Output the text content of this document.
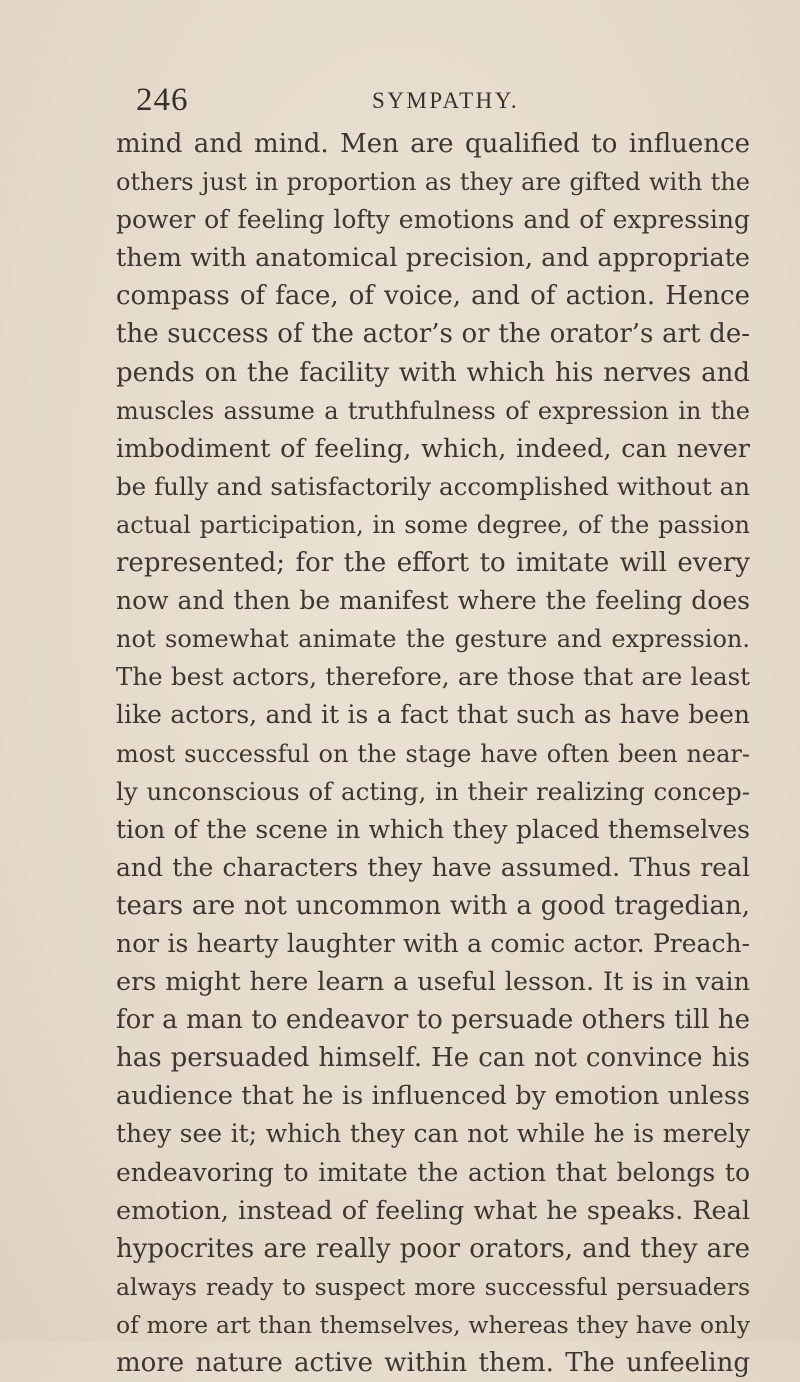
246	SYMPATHY.
mind and mind. Men are qualified to influence
others just in proportion as they are gifted with the
power of feeling lofty emotions and of expressing
them with anatomical precision, and appropriate
compass of face, of voice, and of action. Hence
the success of the actor’s or the orator’s art de-
pends on the facility with which his nerves and
muscles assume a truthfulness of expression in the
imbodiment of feeling, which, indeed, can never
be fully and satisfactorily accomplished without an
actual participation, in some degree, of the passion
represented; for the effort to imitate will every
now and then be manifest where the feeling does
not somewhat animate the gesture and expression.
The best actors, therefore, are those that are least
like actors, and it is a fact that such as have been
most successful on the stage have often been near-
ly unconscious of acting, in their realizing concep-
tion of the scene in which they placed themselves
and the characters they have assumed. Thus real
tears are not uncommon with a good tragedian,
nor is hearty laughter with a comic actor. Preach-
ers might here learn a useful lesson. It is in vain
for a man to endeavor to persuade others till he
has persuaded himself. He can not convince his
audience that he is influenced by emotion unless
they see it; which they can not while he is merely
endeavoring to imitate the action that belongs to
emotion, instead of feeling what he speaks. Real
hypocrites are really poor orators, and they are
always ready to suspect more successful persuaders
of more art than themselves, whereas they have only
more nature active within them. The unfeeling
